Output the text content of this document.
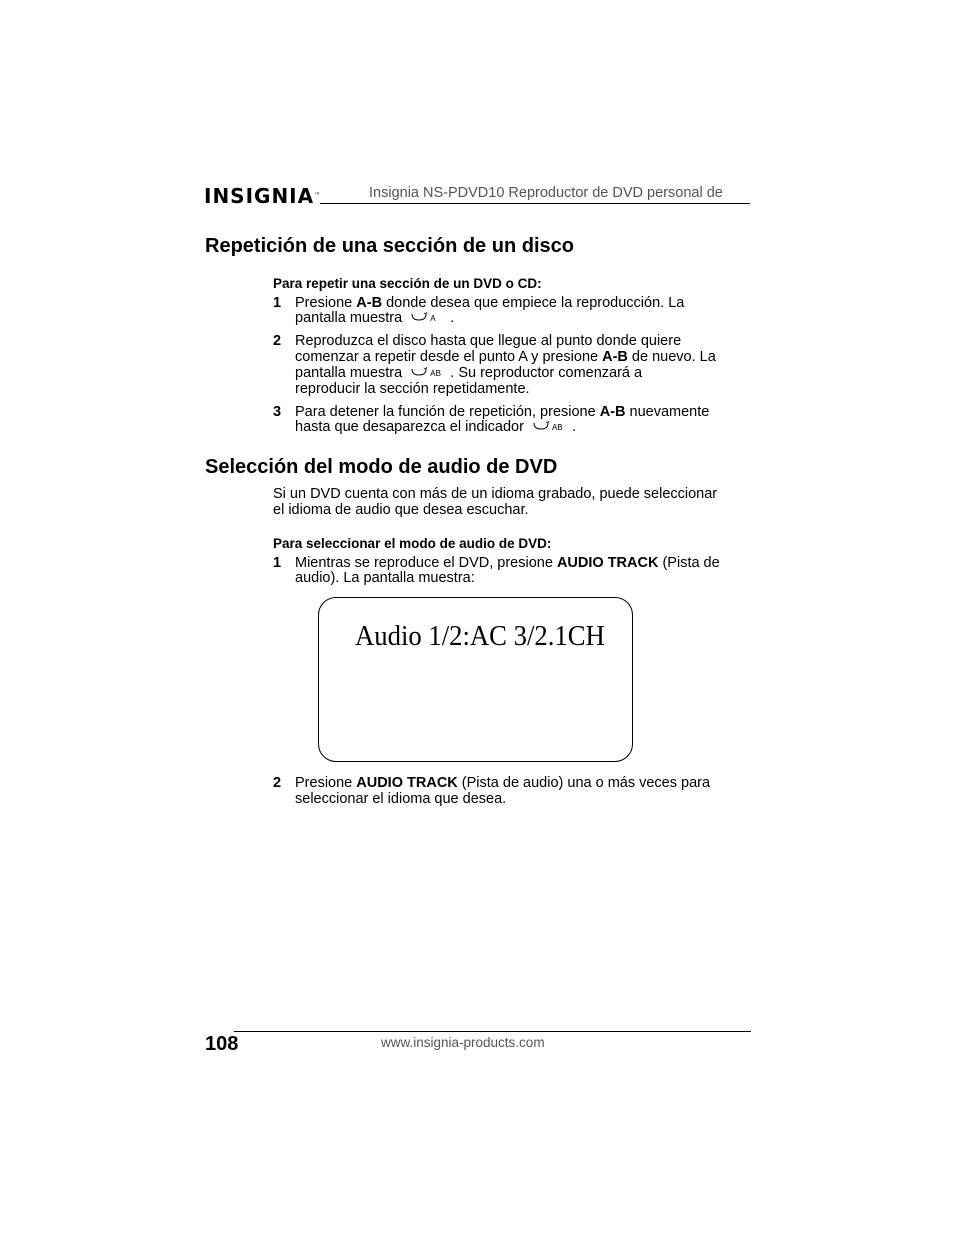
INSIGNIA™	Insignia NS-PDVD10 Reproductor de DVD personal de
Repetición de una sección de un disco
Para repetir una sección de un DVD o CD:
1 Presione A-B donde desea que empiece la reproducción. La
pantalla muestra	A .
2 Reproduzca el disco hasta que llegue al punto donde quiere
comenzar a repetir desde el punto A y presione A-B de nuevo. La
pantalla muestra	AB . Su reproductor comenzará a
reproducir la sección repetidamente.
3 Para detener la función de repetición, presione A-B nuevamente
hasta que desaparezca el indicador	AB .
Selección del modo de audio de DVD
Si un DVD cuenta con más de un idioma grabado, puede seleccionar
el idioma de audio que desea escuchar.
Para seleccionar el modo de audio de DVD:
1 Mientras se reproduce el DVD, presione AUDIO TRACK (Pista de
audio). La pantalla muestra:
Audio 1/2:AC 3/2.1CH
2 Presione AUDIO TRACK (Pista de audio) una o más veces para
seleccionar el idioma que desea.
108	www.insignia-products.com
